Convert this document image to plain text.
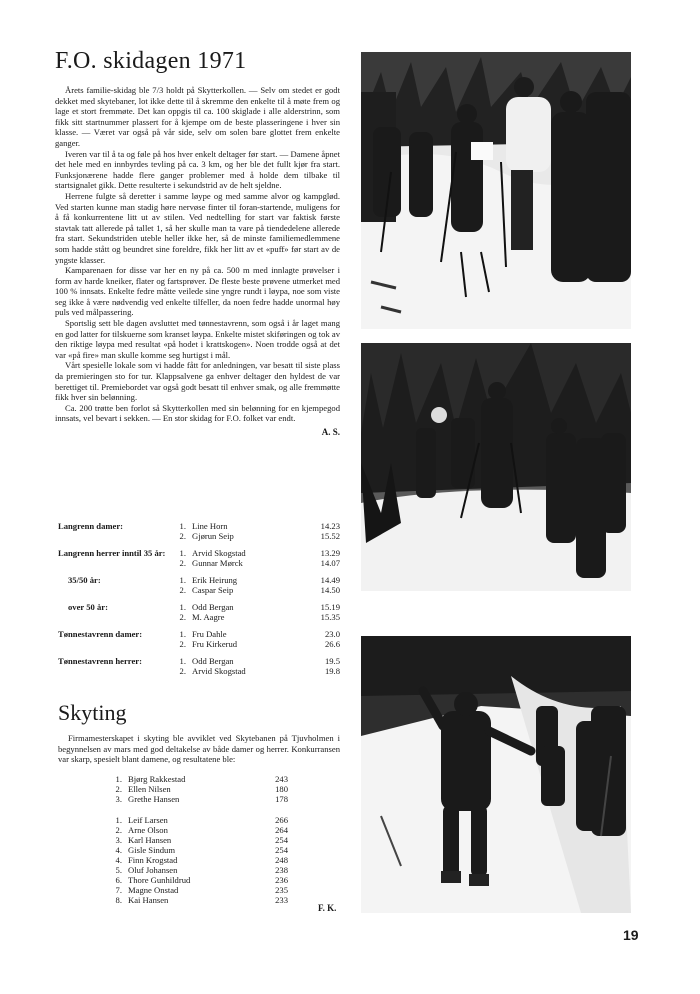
F.O. skidagen 1971

Årets familie-skidag ble 7/3 holdt på Skytterkollen. — Selv om stedet er godt dekket med skytebaner, lot ikke dette til å skremme den enkelte til å møte frem og lage et stort fremmøte. Det kan oppgis til ca. 100 skiglade i alle alderstrinn, som fikk sitt startnummer plassert for å kjempe om de beste plasseringene i hver sin klasse. — Været var også på vår side, selv om solen bare glottet frem enkelte ganger.

Iveren var til å ta og føle på hos hver enkelt deltager før start. — Damene åpnet det hele med en innbyrdes tevling på ca. 3 km, og her ble det fullt kjør fra start. Funksjonærene hadde flere ganger problemer med å holde dem tilbake til startsignalet gikk. Dette resulterte i sekundstrid av de helt sjeldne.

Herrene fulgte så deretter i samme løype og med samme alvor og kampglød. Ved starten kunne man stadig høre nervøse finter til foran-startende, muligens for å få konkurrentene litt ut av stilen. Ved nedtelling for start var faktisk første stavtak tatt allerede på tallet 1, så her skulle man ta vare på tiendedelene allerede fra start. Sekundstriden uteble heller ikke her, så de minste familiemedlemmene som hadde stått og beundret sine foreldre, fikk her litt av et «puff» før start av de yngste klasser.

Kamparenaen for disse var her en ny på ca. 500 m med innlagte prøvelser i form av harde kneiker, flater og fartsprøver. De fleste beste prøvene utmerket med 100 % innsats. Enkelte fedre måtte veilede sine yngre rundt i løypa, noe som viste seg ikke å være nødvendig ved enkelte tilfeller, da noen fedre hadde unormal høy puls ved målpassering.

Sportslig sett ble dagen avsluttet med tønnestavrenn, som også i år laget mang en god latter for tilskuerne som kranset løypa. Enkelte mistet skiføringen og tok av den riktige løypa med resultat «på hodet i krattskogen». Noen trodde også at det var «på fire» man skulle komme seg hurtigst i mål.

Vårt spesielle lokale som vi hadde fått for anledningen, var besatt til siste plass da premieringen sto for tur. Klappsalvene ga enhver deltager den hyldest de var berettiget til. Premiebordet var også godt besatt til enhver smak, og alle fremmøtte fikk hver sin belønning.

Ca. 200 trøtte ben forlot så Skytterkollen med sin belønning for en kjempegod innsats, vel bevart i sekken. — En stor skidag for F.O. folket var endt.

A. S.
Langrenn damer:	1. Line Horn	14.23
2. Gjørun Seip	15.52
Langrenn herrer inntil 35 år:	1. Arvid Skogstad	13.29
2. Gunnar Mørck	14.07
35/50 år:	1. Erik Heirung	14.49
2. Caspar Seip	14.50
over 50 år:	1. Odd Bergan	15.19
2. M. Aagre	15.35
Tønnestavrenn damer:	1. Fru Dahle	23.0
2. Fru Kirkerud	26.6
Tønnestavrenn herrer:	1. Odd Bergan	19.5
2. Arvid Skogstad	19.8
Skyting

Firmamesterskapet i skyting ble avviklet ved Skytebanen på Tjuvholmen i begynnelsen av mars med god deltakelse av både damer og herrer. Konkurransen var skarp, spesielt blant damene, og resultatene ble:

1. Bjørg Rakkestad	243
2. Ellen Nilsen	180
3. Grethe Hansen	178
1. Leif Larsen	266
2. Arne Olson	264
3. Karl Hansen	254
4. Gisle Sindum	254
4. Finn Krogstad	248
5. Oluf Johansen	238
6. Thore Gunhildrud	236
7. Magne Onstad	235
8. Kai Hansen	233
F. K.
19
